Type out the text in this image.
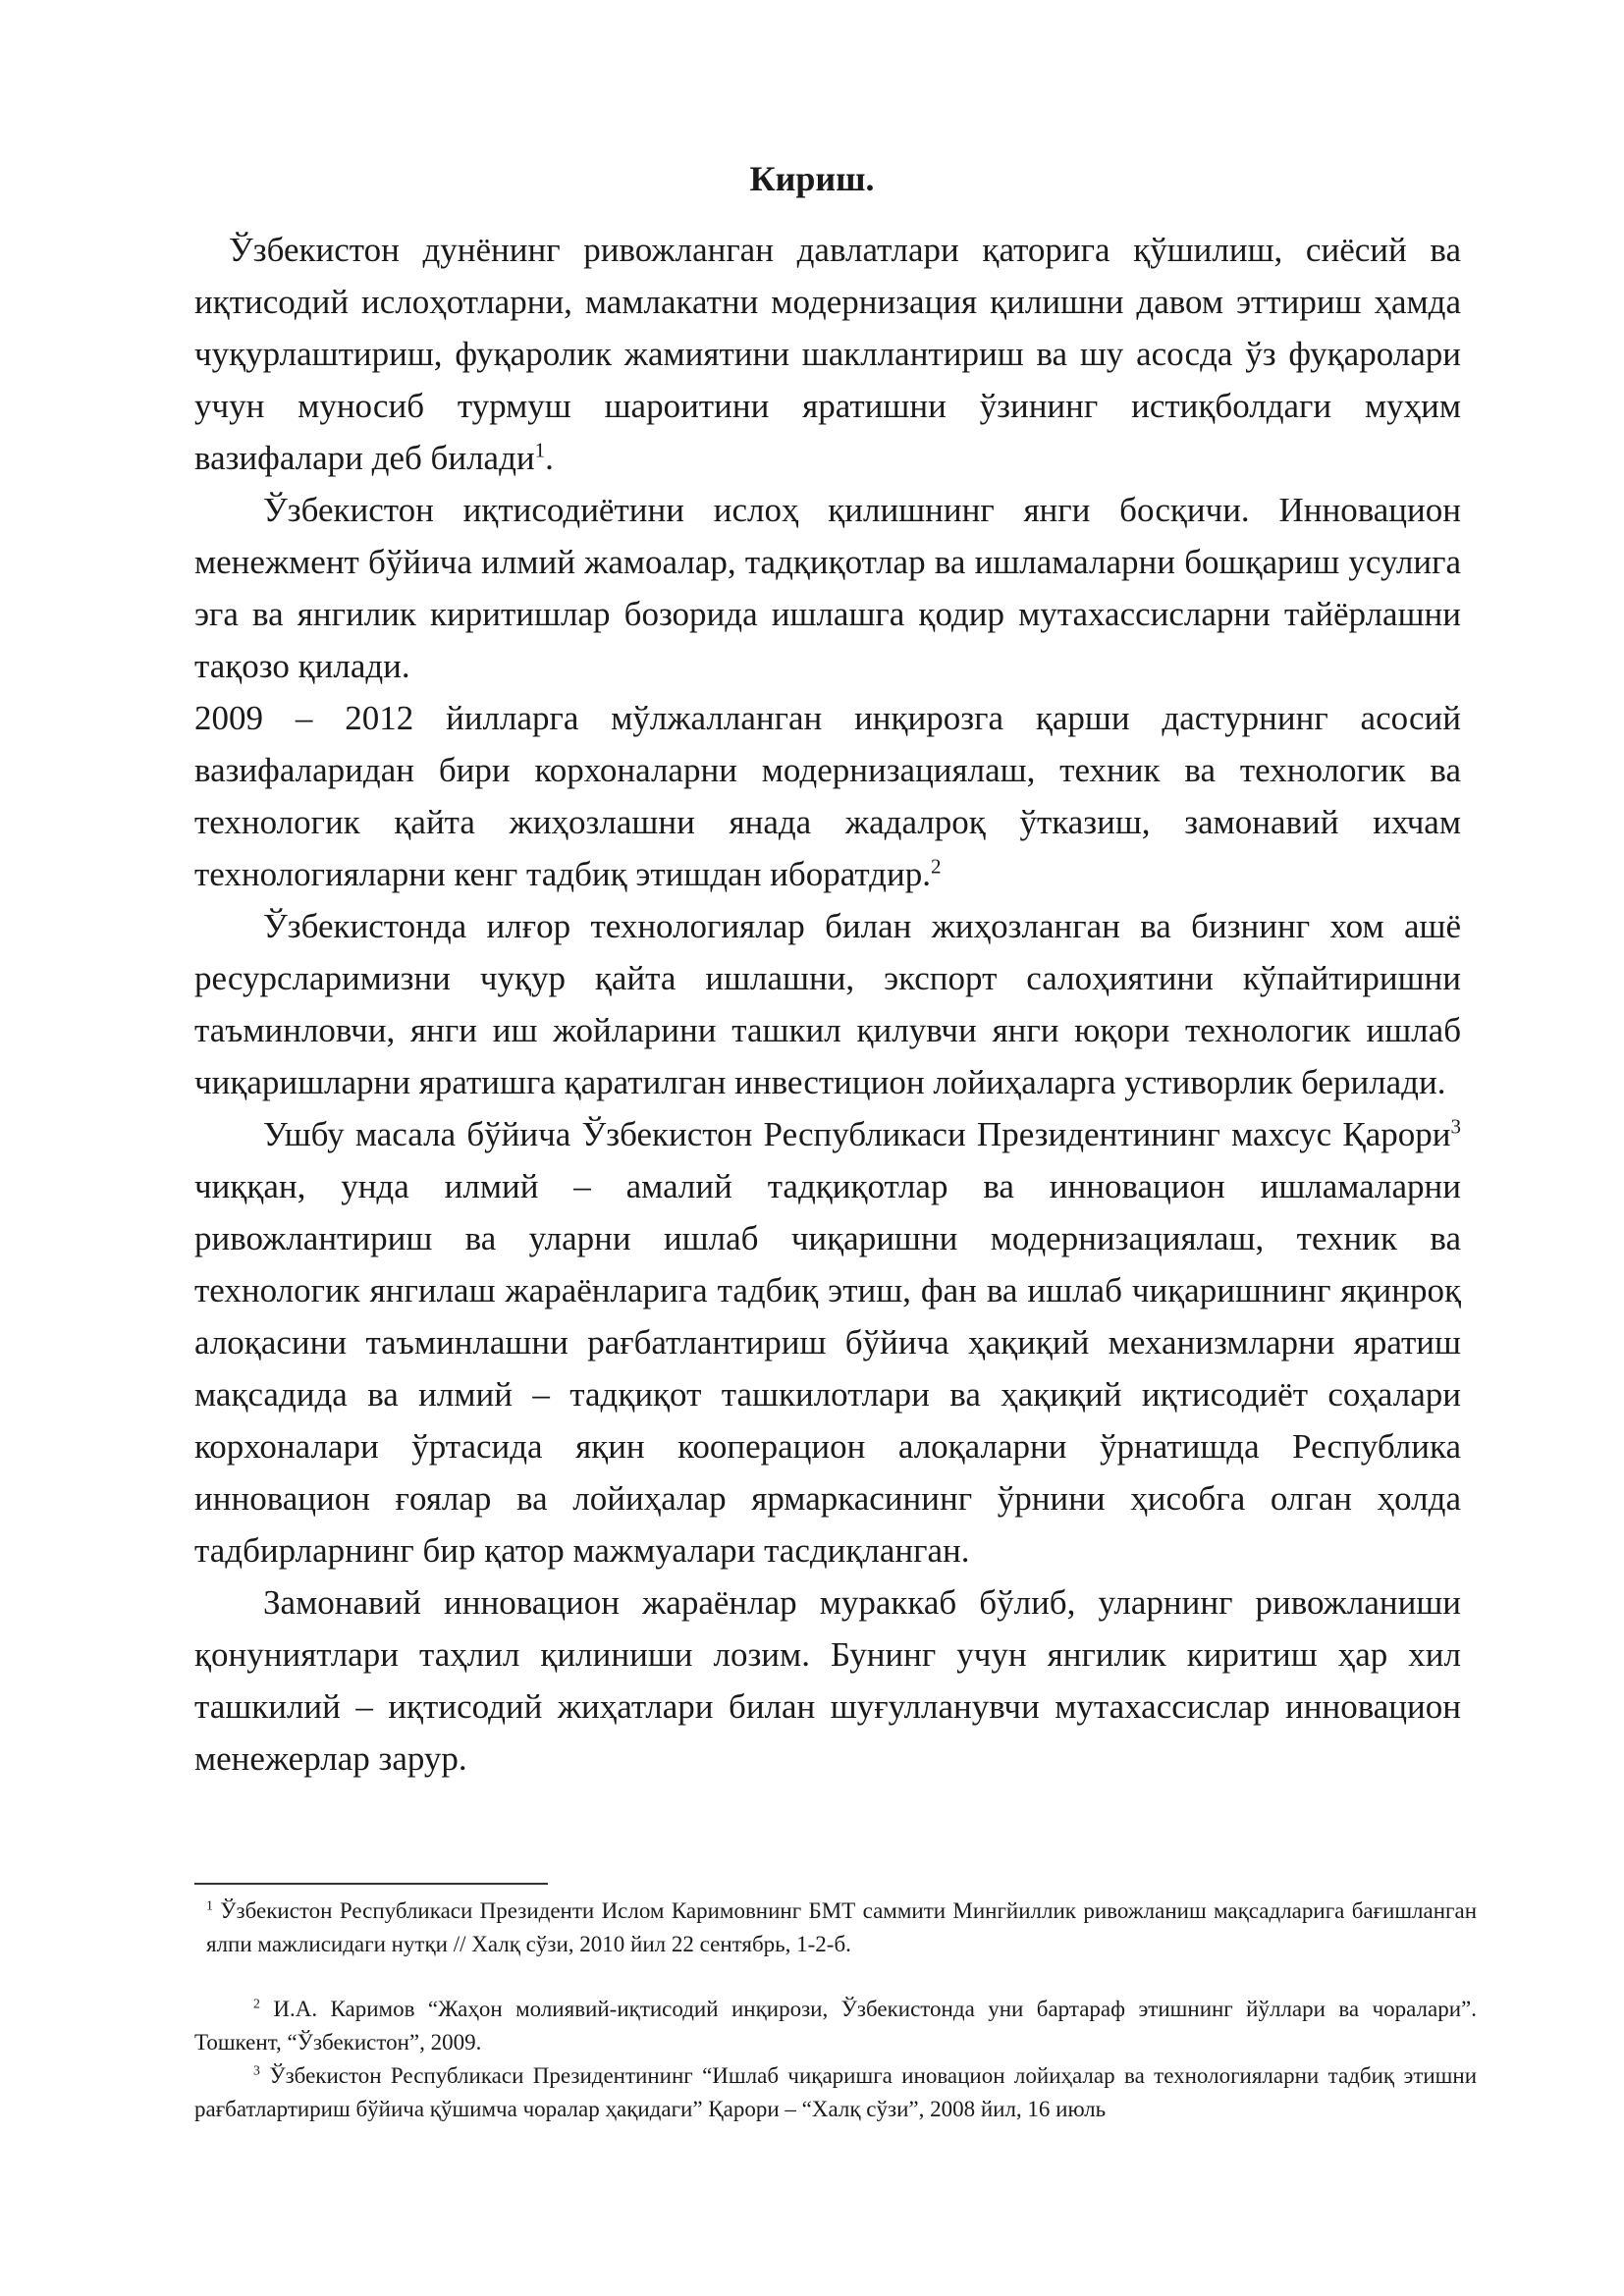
Кириш.

Ўзбекистон дунёнинг ривожланган давлатлари қаторига қўшилиш, сиёсий ва иқтисодий ислоҳотларни, мамлакатни модернизация қилишни давом эттириш ҳамда чуқурлаштириш, фуқаролик жамиятини шакллантириш ва шу асосда ўз фуқаролари учун муносиб турмуш шароитини яратишни ўзининг истиқболдаги муҳим вазифалари деб билади$^1$.

Ўзбекистон иқтисодиётини ислоҳ қилишнинг янги босқичи. Инновацион менежмент бўйича илмий жамоалар, тадқиқотлар ва ишламаларни бошқариш усулига эга ва янгилик киритишлар бозорида ишлашга қодир мутахассисларни тайёрлашни тақозо қилади.

2009 – 2012 йилларга мўлжалланган инқирозга қарши дастурнинг асосий вазифаларидан бири корхоналарни модернизациялаш, техник ва технологик ва технологик қайта жиҳозлашни янада жадалроқ ўтказиш, замонавий ихчам технологияларни кенг тадбиқ этишдан иборатдир.$^2$

Ўзбекистонда илғор технологиялар билан жиҳозланган ва бизнинг хом ашё ресурсларимизни чуқур қайта ишлашни, экспорт салоҳиятини кўпайтиришни таъминловчи, янги иш жойларини ташкил қилувчи янги юқори технологик ишлаб чиқаришларни яратишга қаратилган инвестицион лойиҳаларга устиворлик берилади.

Ушбу масала бўйича Ўзбекистон Республикаси Президентининг махсус Қарори$^3$ чиққан, унда илмий – амалий тадқиқотлар ва инновацион ишламаларни ривожлантириш ва уларни ишлаб чиқаришни модернизациялаш, техник ва технологик янгилаш жараёнларига тадбиқ этиш, фан ва ишлаб чиқаришнинг яқинроқ алоқасини таъминлашни рағбатлантириш бўйича ҳақиқий механизмларни яратиш мақсадида ва илмий – тадқиқот ташкилотлари ва ҳақиқий иқтисодиёт соҳалари корхоналари ўртасида яқин кооперацион алоқаларни ўрнатишда Республика инновацион ғоялар ва лойиҳалар ярмаркасининг ўрнини ҳисобга олган ҳолда тадбирларнинг бир қатор мажмуалари тасдиқланган.

Замонавий инновацион жараёнлар мураккаб бўлиб, уларнинг ривожланиши қонуниятлари таҳлил қилиниши лозим. Бунинг учун янгилик киритиш ҳар хил ташкилий – иқтисодий жиҳатлари билан шуғулланувчи мутахассислар инновацион менежерлар зарур.

$^1$ Ўзбекистон Республикаси Президенти Ислом Каримовнинг БМТ саммити Мингйиллик ривожланиш мақсадларига бағишланган ялпи мажлисидаги нутқи // Халқ сўзи, 2010 йил 22 сентябрь, 1-2-б.

$^2$ И.А. Каримов “Жаҳон молиявий-иқтисодий инқирози, Ўзбекистонда уни бартараф этишнинг йўллари ва чоралари”. Тошкент, “Ўзбекистон”, 2009.

$^3$ Ўзбекистон Республикаси Президентининг “Ишлаб чиқаришга иновацион лойиҳалар ва технологияларни тадбиқ этишни рағбатлартириш бўйича қўшимча чоралар ҳақидаги” Қарори – “Халқ сўзи”, 2008 йил, 16 июль
